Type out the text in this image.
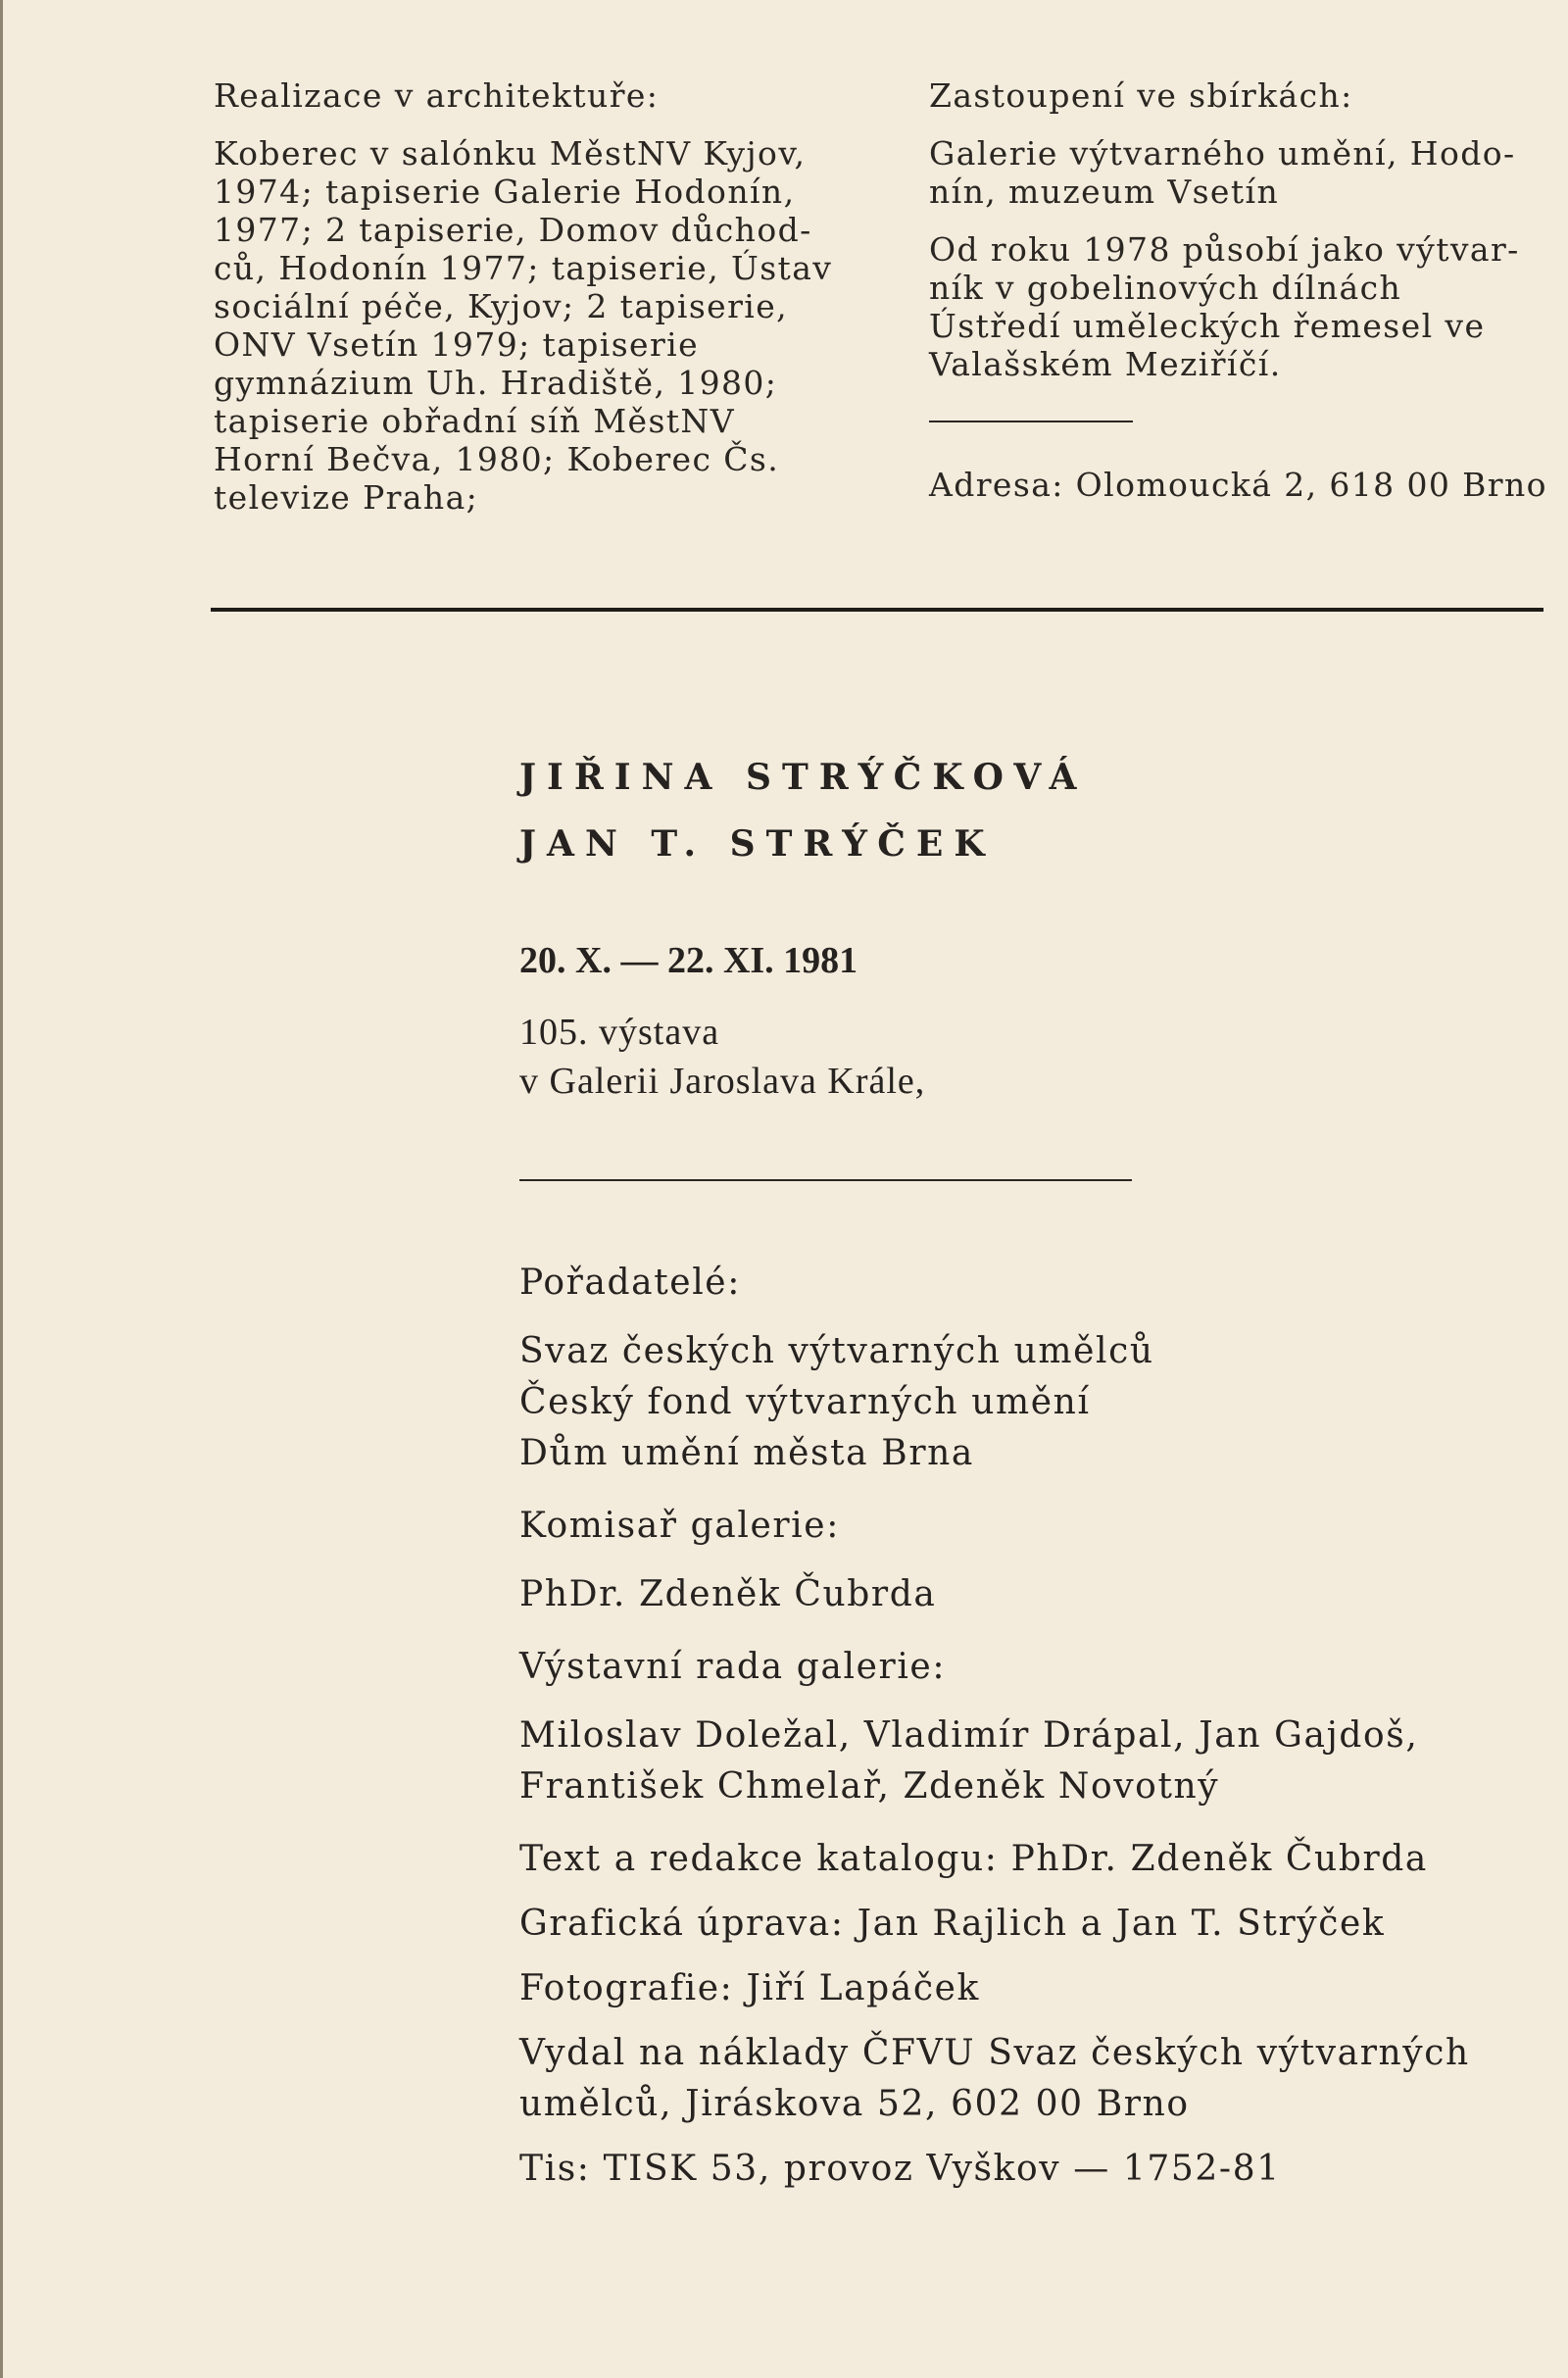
Realizace v architektuře:

Koberec v salónku MěstNV Kyjov,

1974; tapiserie Galerie Hodonín,

1977; 2 tapiserie, Domov důchod-

ců, Hodonín 1977; tapiserie, Ústav

sociální péče, Kyjov; 2 tapiserie,

ONV Vsetín 1979; tapiserie

gymnázium Uh. Hradiště, 1980;

tapiserie obřadní síň MěstNV

Horní Bečva, 1980; Koberec Čs.

televize Praha;

Zastoupení ve sbírkách:

Galerie výtvarného umění, Hodo-

nín, muzeum Vsetín

Od roku 1978 působí jako výtvar-

ník v gobelinových dílnách

Ústředí uměleckých řemesel ve

Valašském Meziříčí.

Adresa: Olomoucká 2, 618 00 Brno

JIŘINA STRÝČKOVÁ

JAN T. STRÝČEK

20. X. — 22. XI. 1981

105. výstava
v Galerii Jaroslava Krále,

Pořadatelé:

Svaz českých výtvarných umělců

Český fond výtvarných umění

Dům umění města Brna

Komisař galerie:

PhDr. Zdeněk Čubrda

Výstavní rada galerie:

Miloslav Doležal, Vladimír Drápal, Jan Gajdoš,

František Chmelař, Zdeněk Novotný

Text a redakce katalogu: PhDr. Zdeněk Čubrda

Grafická úprava: Jan Rajlich a Jan T. Strýček

Fotografie: Jiří Lapáček

Vydal na náklady ČFVU Svaz českých výtvarných

umělců, Jiráskova 52, 602 00 Brno

Tis: TISK 53, provoz Vyškov — 1752-81
